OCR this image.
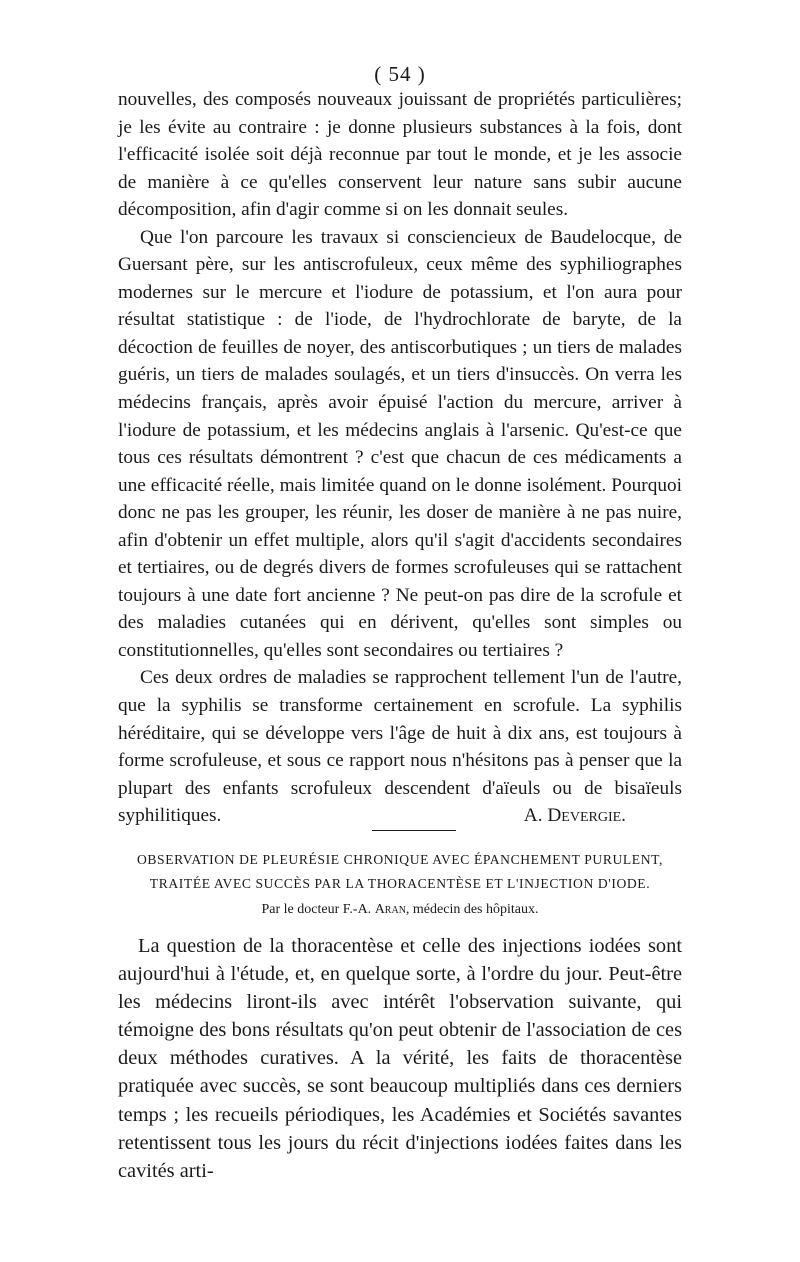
( 54 )

nouvelles, des composés nouveaux jouissant de propriétés particulières; je les évite au contraire : je donne plusieurs substances à la fois, dont l'efficacité isolée soit déjà reconnue par tout le monde, et je les associe de manière à ce qu'elles conservent leur nature sans subir aucune décomposition, afin d'agir comme si on les donnait seules.

Que l'on parcoure les travaux si consciencieux de Baudelocque, de Guersant père, sur les antiscrofuleux, ceux même des syphiliographes modernes sur le mercure et l'iodure de potassium, et l'on aura pour résultat statistique : de l'iode, de l'hydrochlorate de baryte, de la décoction de feuilles de noyer, des antiscorbutiques ; un tiers de malades guéris, un tiers de malades soulagés, et un tiers d'insuccès. On verra les médecins français, après avoir épuisé l'action du mercure, arriver à l'iodure de potassium, et les médecins anglais à l'arsenic. Qu'est-ce que tous ces résultats démontrent ? c'est que chacun de ces médicaments a une efficacité réelle, mais limitée quand on le donne isolément. Pourquoi donc ne pas les grouper, les réunir, les doser de manière à ne pas nuire, afin d'obtenir un effet multiple, alors qu'il s'agit d'accidents secondaires et tertiaires, ou de degrés divers de formes scrofuleuses qui se rattachent toujours à une date fort ancienne ? Ne peut-on pas dire de la scrofule et des maladies cutanées qui en dérivent, qu'elles sont simples ou constitutionnelles, qu'elles sont secondaires ou tertiaires ?

Ces deux ordres de maladies se rapprochent tellement l'un de l'autre, que la syphilis se transforme certainement en scrofule. La syphilis héréditaire, qui se développe vers l'âge de huit à dix ans, est toujours à forme scrofuleuse, et sous ce rapport nous n'hésitons pas à penser que la plupart des enfants scrofuleux descendent d'aïeuls ou de bisaïeuls syphilitiques.	A. Devergie.

OBSERVATION DE PLEURÉSIE CHRONIQUE AVEC ÉPANCHEMENT PURULENT,
TRAITÉE AVEC SUCCÈS PAR LA THORACENTÈSE ET L'INJECTION D'IODE.
Par le docteur F.-A. Aran, médecin des hôpitaux.

La question de la thoracentèse et celle des injections iodées sont aujourd'hui à l'étude, et, en quelque sorte, à l'ordre du jour. Peut-être les médecins liront-ils avec intérêt l'observation suivante, qui témoigne des bons résultats qu'on peut obtenir de l'association de ces deux méthodes curatives. A la vérité, les faits de thoracentèse pratiquée avec succès, se sont beaucoup multipliés dans ces derniers temps ; les recueils périodiques, les Académies et Sociétés savantes retentissent tous les jours du récit d'injections iodées faites dans les cavités arti-
